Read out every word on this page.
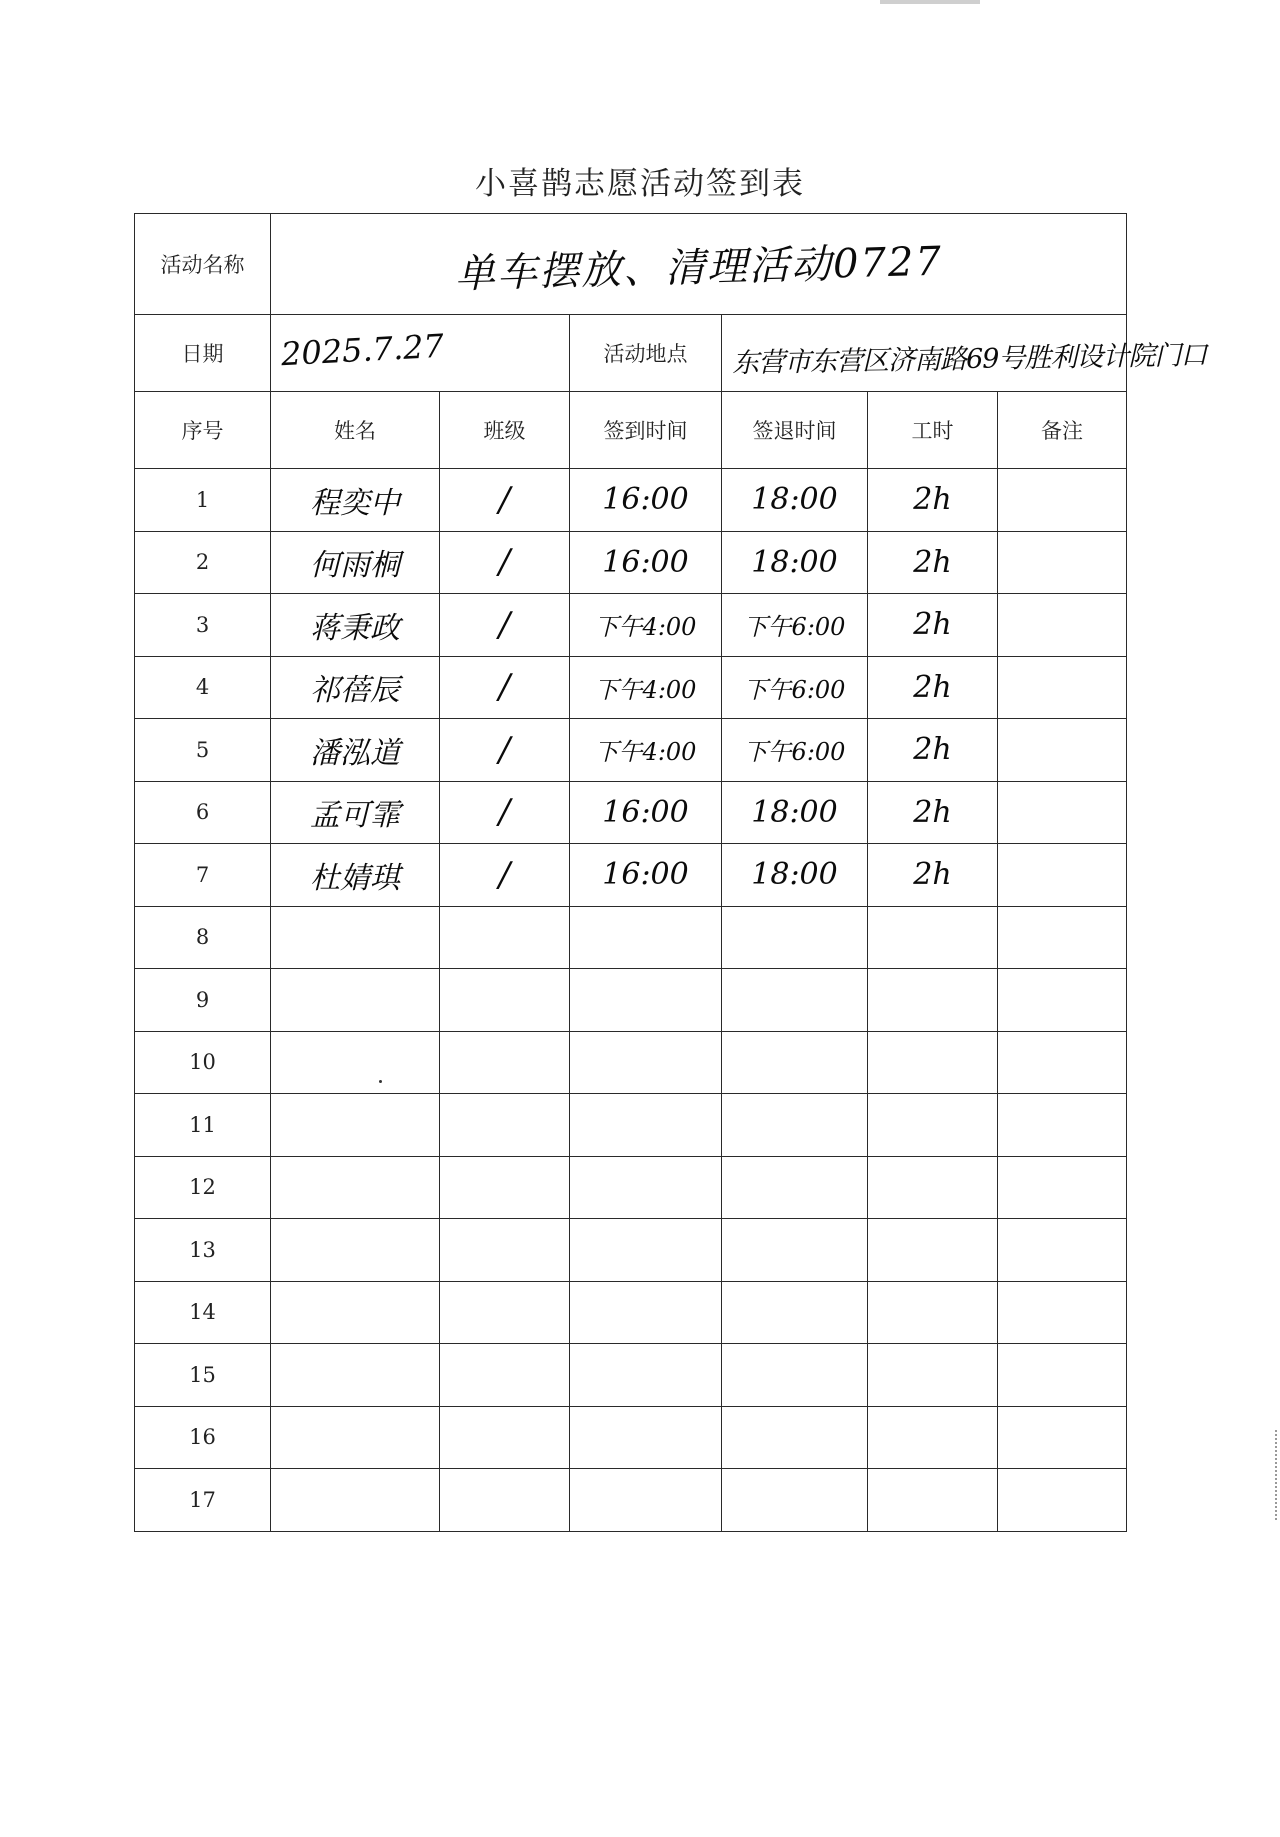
小喜鹊志愿活动签到表
活动名称	单车摆放、清理活动0727					
日期	2025.7.27		活动地点	东营市东营区济南路69号胜利设计院门口		

序号	姓名	班级	签到时间	签退时间	工时	备注
1	程奕中	/	16:00	18:00	2h	
2	何雨桐	/	16:00	18:00	2h	
3	蒋秉政	/	下午4:00	下午6:00	2h	
4	祁蓓辰	/	下午4:00	下午6:00	2h	
5	潘泓道	/	下午4:00	下午6:00	2h	
6	孟可霏	/	16:00	18:00	2h	
7	杜婧琪	/	16:00	18:00	2h	
8						
9						
10						
11						
12						
13						
14						
15						
16						
17						
